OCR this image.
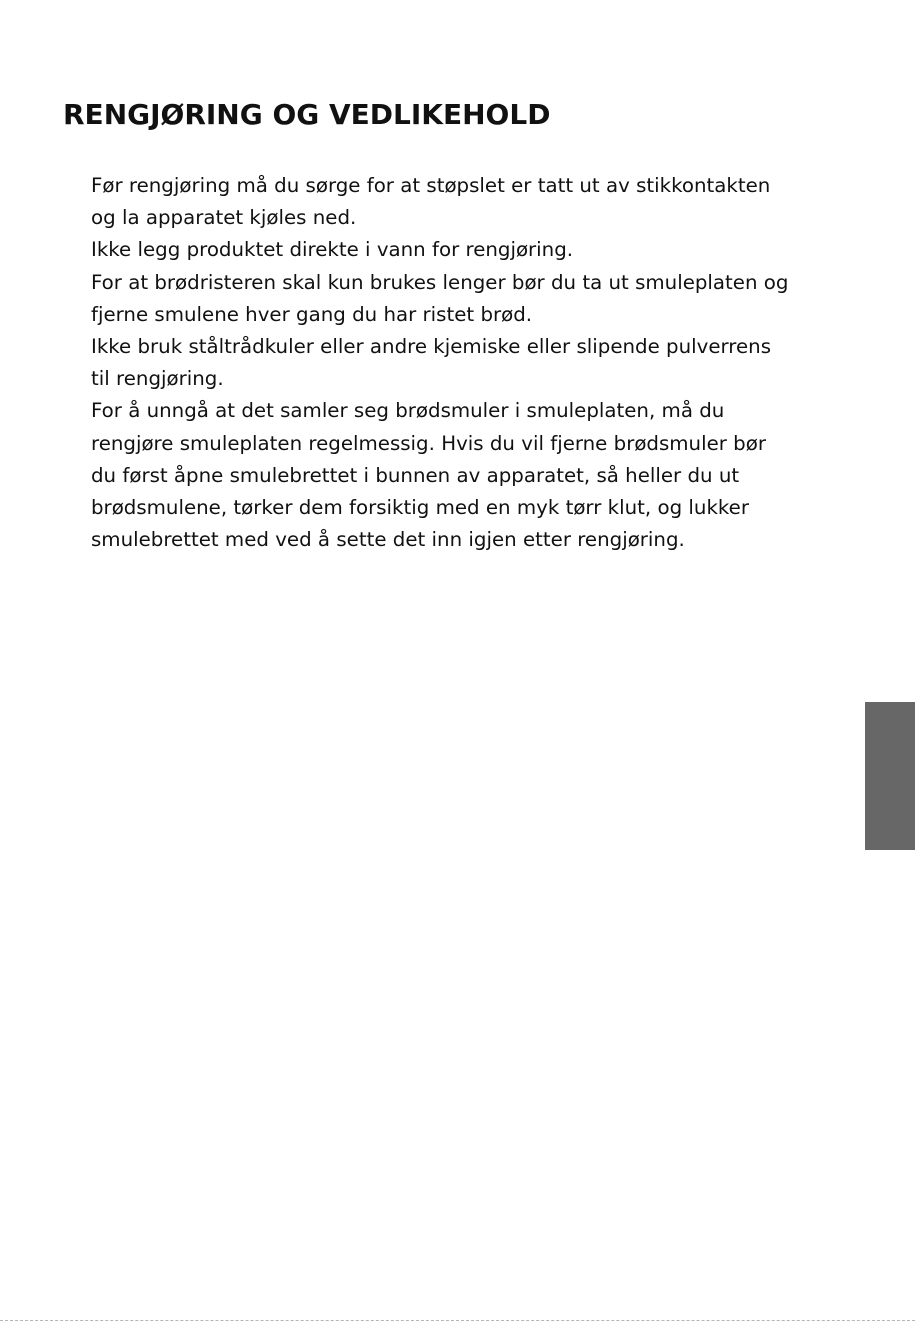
RENGJØRING OG VEDLIKEHOLD
Før rengjøring må du sørge for at støpslet er tatt ut av stikkontakten
og la apparatet kjøles ned.
Ikke legg produktet direkte i vann for rengjøring.
For at brødristeren skal kun brukes lenger bør du ta ut smuleplaten og
fjerne smulene hver gang du har ristet brød.
Ikke bruk ståltrådkuler eller andre kjemiske eller slipende pulverrens
til rengjøring.
For å unngå at det samler seg brødsmuler i smuleplaten, må du
rengjøre smuleplaten regelmessig. Hvis du vil fjerne brødsmuler bør
du først åpne smulebrettet i bunnen av apparatet, så heller du ut
brødsmulene, tørker dem forsiktig med en myk tørr klut, og lukker
smulebrettet med ved å sette det inn igjen etter rengjøring.
